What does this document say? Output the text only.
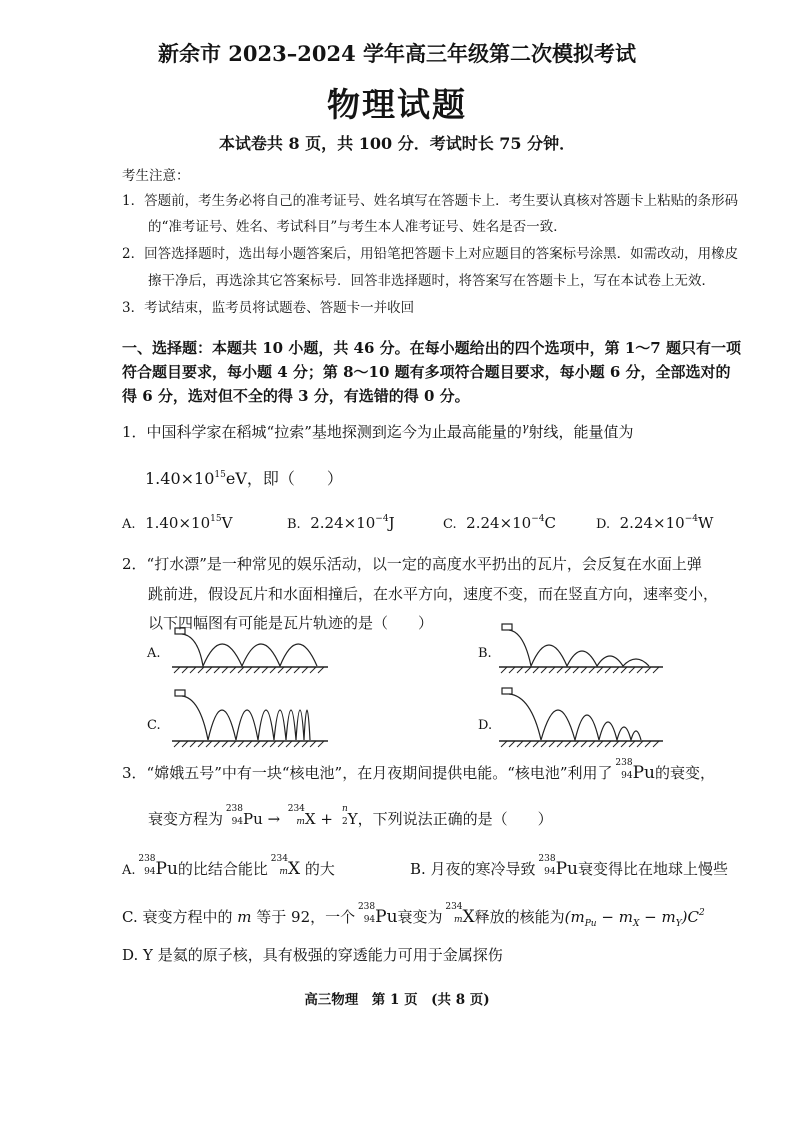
新余市 2023–2024 学年高三年级第二次模拟考试
物理试题
本试卷共 8 页，共 100 分．考试时长 75 分钟．
考生注意：
1．答题前，考生务必将自己的准考证号、姓名填写在答题卡上．考生要认真核对答题卡上粘贴的条形码
的“准考证号、姓名、考试科目”与考生本人准考证号、姓名是否一致．
2．回答选择题时，选出每小题答案后，用铅笔把答题卡上对应题目的答案标号涂黑．如需改动，用橡皮
擦干净后，再选涂其它答案标号．回答非选择题时，将答案写在答题卡上，写在本试卷上无效．
3．考试结束，监考员将试题卷、答题卡一并收回
一、选择题：本题共 10 小题，共 46 分。在每小题给出的四个选项中，第 1～7 题只有一项
符合题目要求，每小题 4 分；第 8～10 题有多项符合题目要求，每小题 6 分，全部选对的
得 6 分，选对但不全的得 3 分，有选错的得 0 分。
1．中国科学家在稻城“拉索”基地探测到迄今为止最高能量的$^\gamma$射线，能量值为
$1.40\times 10^{15}eV$，即（　　）
A. $1.40\times 10^{15}V$	B. $2.24\times 10^{-4}J$	C. $2.24\times 10^{-4}C$	D. $2.24\times 10^{-4}W$
2．“打水漂”是一种常见的娱乐活动，以一定的高度水平扔出的瓦片，会反复在水面上弹
跳前进，假设瓦片和水面相撞后，在水平方向，速度不变，而在竖直方向，速率变小，
以下四幅图有可能是瓦片轨迹的是（　　）
A.	B.
C.	D.
3．“嫦娥五号”中有一块“核电池”，在月夜期间提供电能。“核电池”利用了
238
94 Pu的衰变，
衰变方程为
238
94 Pu →
234
m X +
n
2 Y，下列说法正确的是（　　）
A.
238
94 Pu的比结合能比
234
m X 的大	B. 月夜的寒冷导致
238
94 Pu衰变得比在地球上慢些
C. 衰变方程中的 m 等于 92，一个
238
94 Pu衰变为
234
m X释放的核能为$(m_{Pu} - m_X - m_Y)C^2$
D. Y 是氦的原子核，具有极强的穿透能力可用于金属探伤
高三物理　第 1 页　(共 8 页)
